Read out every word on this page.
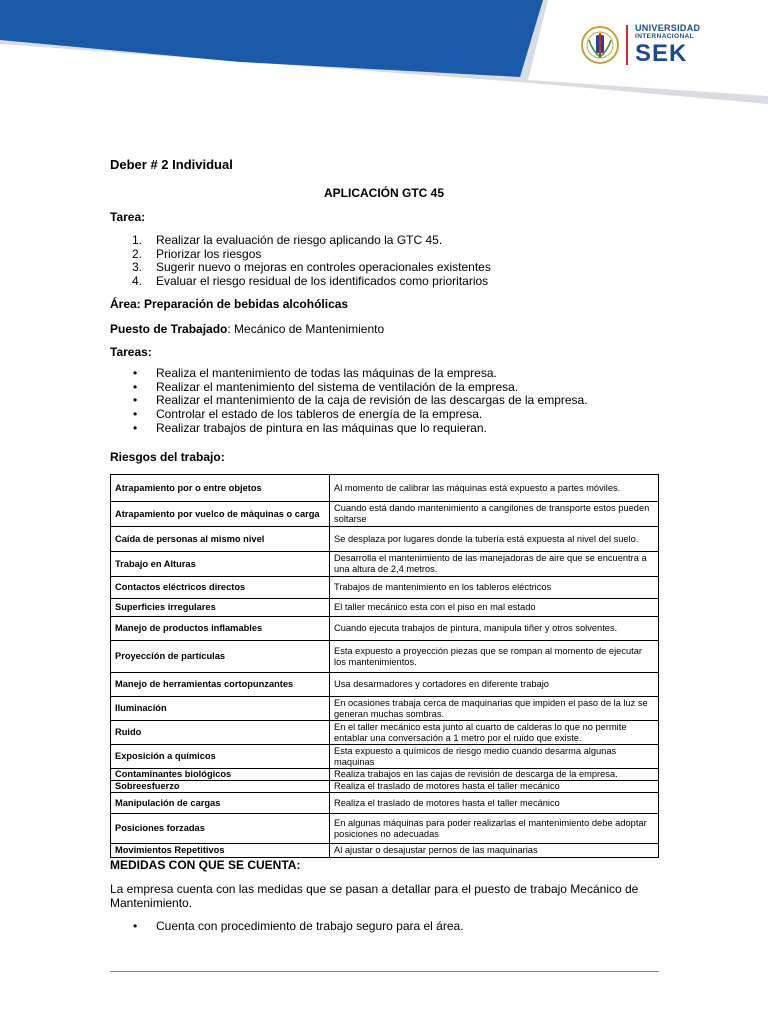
UNIVERSIDAD
INTERNACIONAL
SEK
Deber # 2 Individual
APLICACIÓN GTC 45
Tarea:
1. Realizar la evaluación de riesgo aplicando la GTC 45.
2. Priorizar los riesgos
3. Sugerir nuevo o mejoras en controles operacionales existentes
4. Evaluar el riesgo residual de los identificados como prioritarios
Área: Preparación de bebidas alcohólicas
Puesto de Trabajado: Mecánico de Mantenimiento
Tareas:
• Realiza el mantenimiento de todas las máquinas de la empresa.
• Realizar el mantenimiento del sistema de ventilación de la empresa.
• Realizar el mantenimiento de la caja de revisión de las descargas de la empresa.
• Controlar el estado de los tableros de energía de la empresa.
• Realizar trabajos de pintura en las máquinas que lo requieran.
Riesgos del trabajo:
Atrapamiento por o entre objetos	Al momento de calibrar las máquinas está expuesto a partes móviles.
Atrapamiento por vuelco de máquinas o carga	Cuando está dando mantenimiento a cangilones de transporte estos pueden soltarse
Caída de personas al mismo nivel	Se desplaza por lugares donde la tubería está expuesta al nivel del suelo.
Trabajo en Alturas	Desarrolla el mantenimiento de las manejadoras de aire que se encuentra a una altura de 2,4 metros.
Contactos eléctricos directos	Trabajos de mantenimiento en los tableros eléctricos
Superficies irregulares	El taller mecánico esta con el piso en mal estado
Manejo de productos inflamables	Cuando ejecuta trabajos de pintura, manipula tiñer y otros solventes.
Proyección de partículas	Esta expuesto a proyección piezas que se rompan al momento de ejecutar los mantenimientos.
Manejo de herramientas cortopunzantes	Usa desarmadores y cortadores en diferente trabajo
Iluminación	En ocasiones trabaja cerca de maquinarias que impiden el paso de la luz se generan muchas sombras.
Ruido	En el taller mecánico esta junto al cuarto de calderas lo que no permite entablar una conversación a 1 metro por el ruido que existe.
Exposición a químicos	Esta expuesto a químicos de riesgo medio cuando desarma algunas maquinas
Contaminantes biológicos	Realiza trabajos en las cajas de revisión de descarga de la empresa.
Sobreesfuerzo	Realiza el traslado de motores hasta el taller mecánico
Manipulación de cargas	Realiza el traslado de motores hasta el taller mecánico
Posiciones forzadas	En algunas máquinas para poder realizarlas el mantenimiento debe adoptar posiciones no adecuadas
Movimientos Repetitivos	Al ajustar o desajustar pernos de las maquinarias
MEDIDAS CON QUE SE CUENTA:
La empresa cuenta con las medidas que se pasan a detallar para el puesto de trabajo Mecánico de Mantenimiento.
• Cuenta con procedimiento de trabajo seguro para el área.
